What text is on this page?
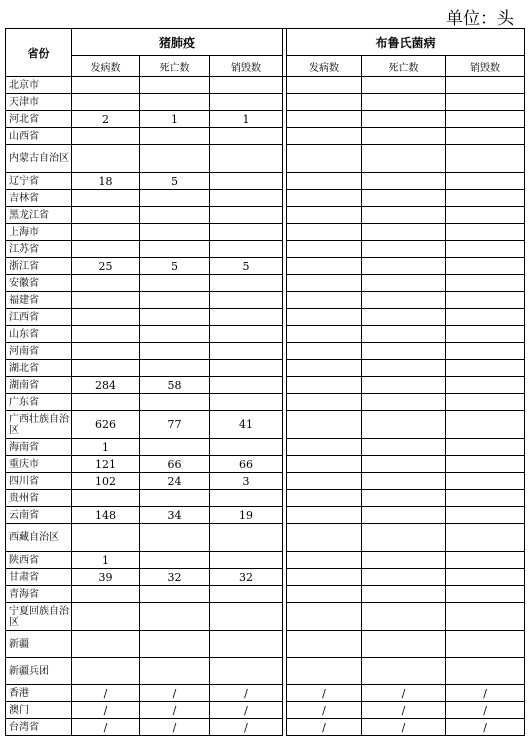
单位：头
省份	猪肺疫				布鲁氏菌病		
	发病数	死亡数	销毁数		发病数	死亡数	销毁数
北京市							
天津市							
河北省	2	1	1				
山西省							
内蒙古自治区							
辽宁省	18	5					
吉林省							
黑龙江省							
上海市							
江苏省							
浙江省	25	5	5				
安徽省							
福建省							
江西省							
山东省							
河南省							
湖北省							
湖南省	284	58					
广东省							
广西壮族自治区	626	77	41				
海南省	1						
重庆市	121	66	66				
四川省	102	24	3				
贵州省							
云南省	148	34	19				
西藏自治区							
陕西省	1						
甘肃省	39	32	32				
青海省							
宁夏回族自治区							
新疆							
新疆兵团							
香港	/	/	/		/	/	/
澳门	/	/	/		/	/	/
台湾省	/	/	/		/	/	/
